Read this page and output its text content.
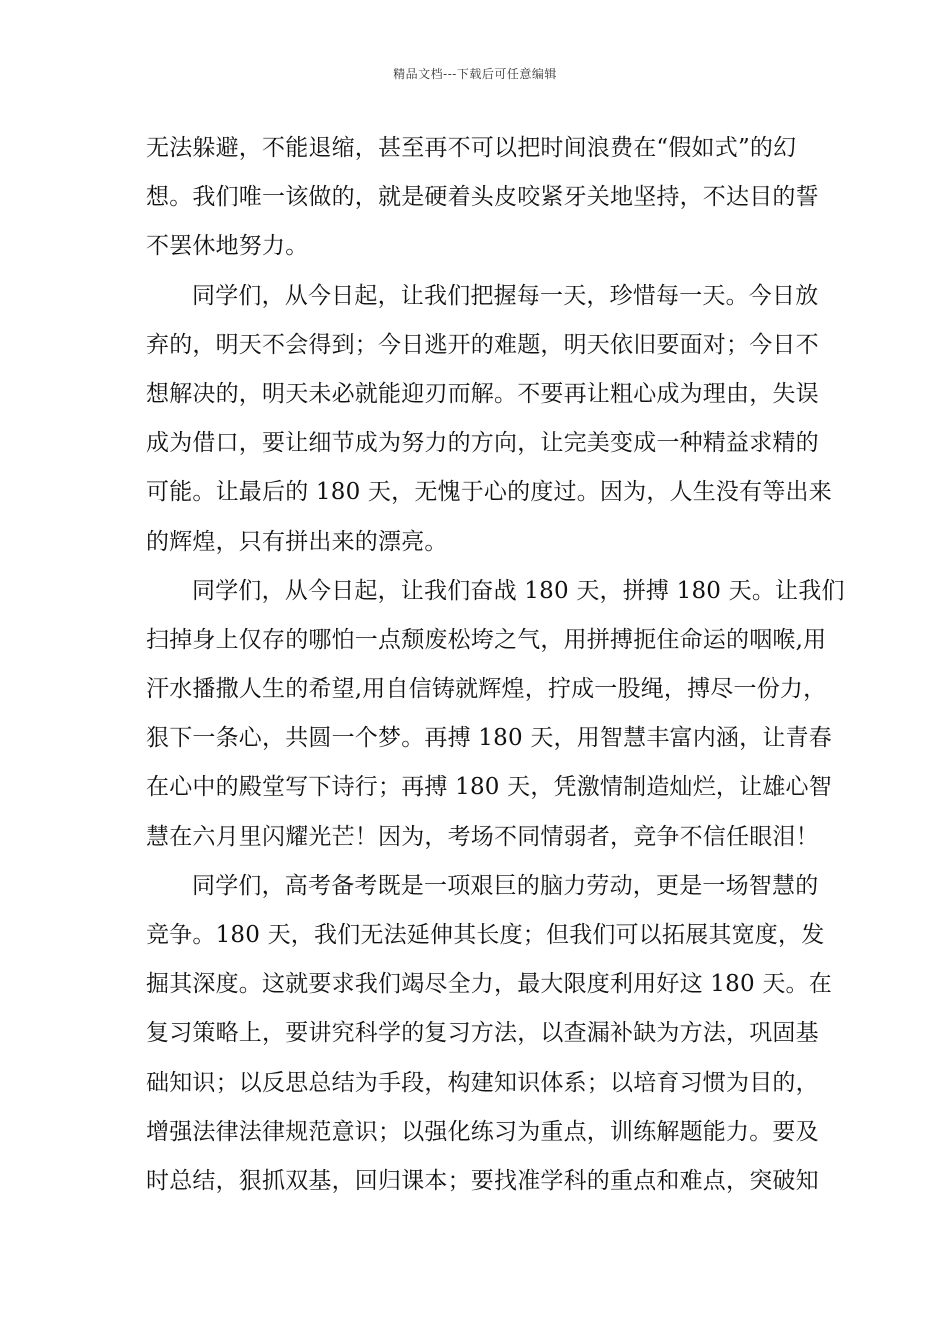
精品文档---下载后可任意编辑
无法躲避，不能退缩，甚至再不可以把时间浪费在“假如式”的幻
想。我们唯一该做的，就是硬着头皮咬紧牙关地坚持，不达目的誓
不罢休地努力。
同学们，从今日起，让我们把握每一天，珍惜每一天。今日放
弃的，明天不会得到；今日逃开的难题，明天依旧要面对；今日不
想解决的，明天未必就能迎刃而解。不要再让粗心成为理由，失误
成为借口，要让细节成为努力的方向，让完美变成一种精益求精的
可能。让最后的 180 天，无愧于心的度过。因为，人生没有等出来
的辉煌，只有拼出来的漂亮。
同学们，从今日起，让我们奋战 180 天，拼搏 180 天。让我们
扫掉身上仅存的哪怕一点颓废松垮之气，用拼搏扼住命运的咽喉,用
汗水播撒人生的希望,用自信铸就辉煌，拧成一股绳，搏尽一份力，
狠下一条心，共圆一个梦。再搏 180 天，用智慧丰富内涵，让青春
在心中的殿堂写下诗行；再搏 180 天，凭激情制造灿烂，让雄心智
慧在六月里闪耀光芒！因为，考场不同情弱者，竞争不信任眼泪！
同学们，高考备考既是一项艰巨的脑力劳动，更是一场智慧的
竞争。180 天，我们无法延伸其长度；但我们可以拓展其宽度，发
掘其深度。这就要求我们竭尽全力，最大限度利用好这 180 天。在
复习策略上，要讲究科学的复习方法，以查漏补缺为方法，巩固基
础知识；以反思总结为手段，构建知识体系；以培育习惯为目的，
增强法律法律规范意识；以强化练习为重点，训练解题能力。要及
时总结，狠抓双基，回归课本；要找准学科的重点和难点，突破知
